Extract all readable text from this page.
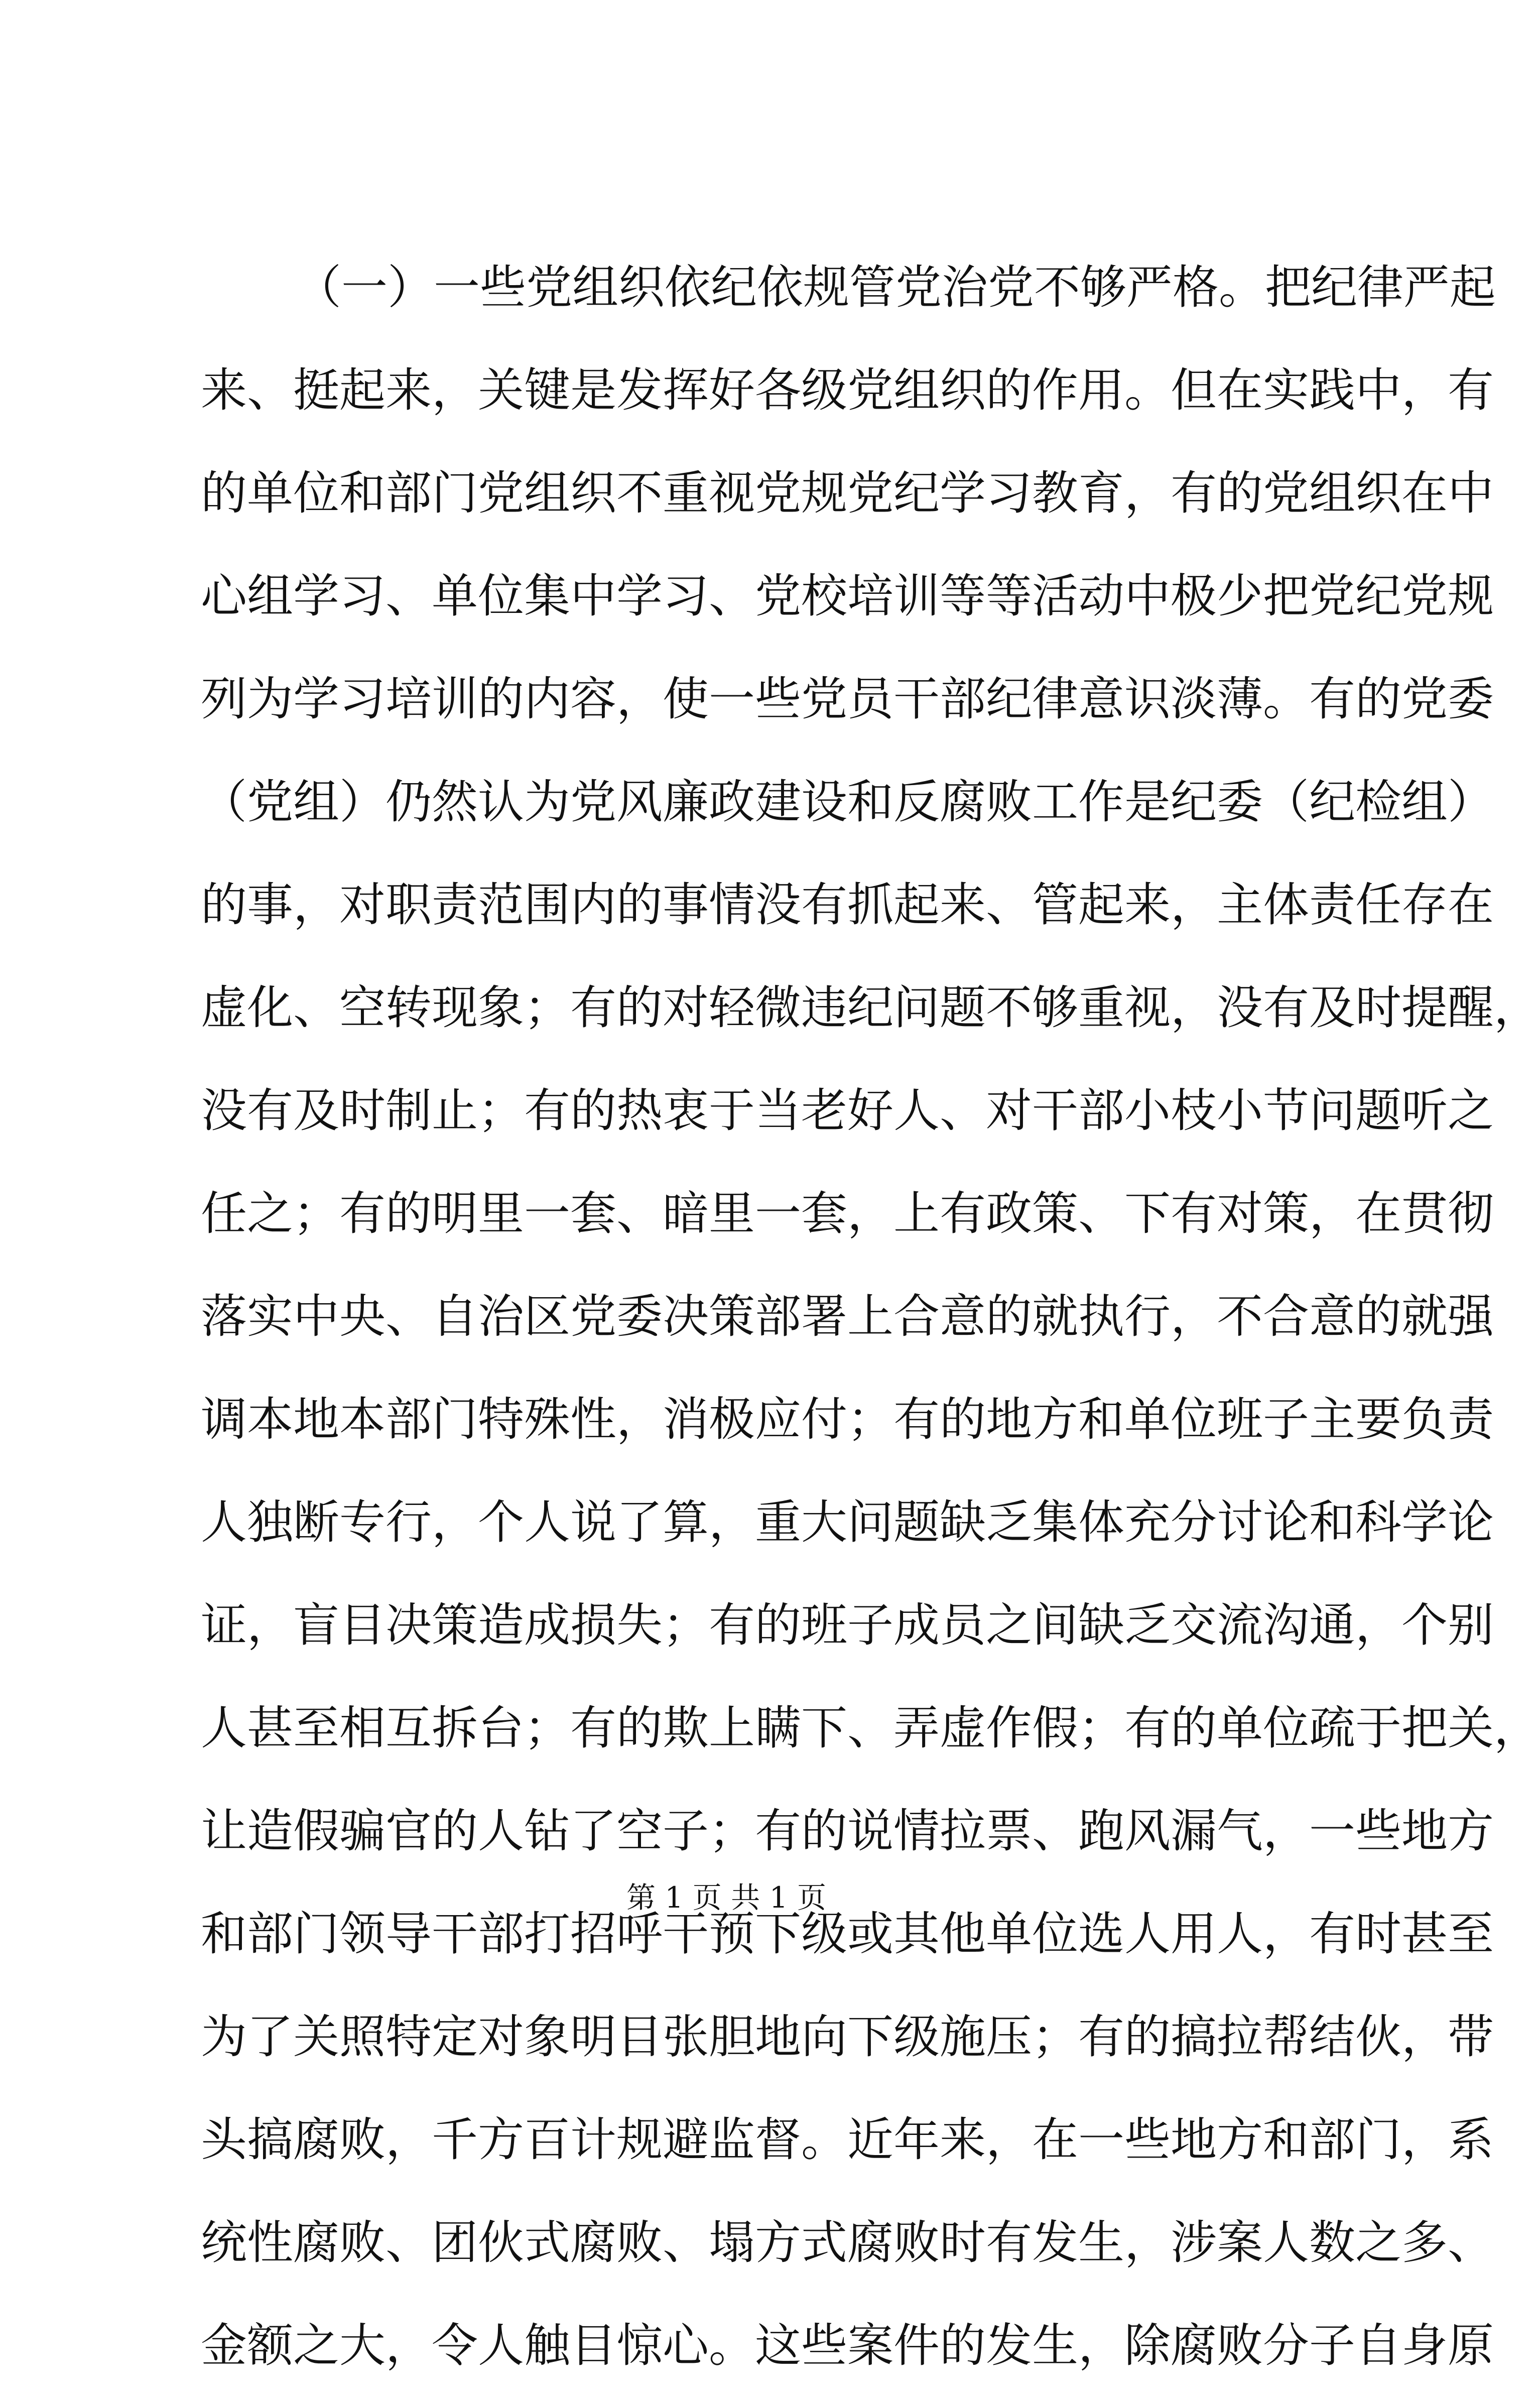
（一）一些党组织依纪依规管党治党不够严格。把纪律严起
来、挺起来，关键是发挥好各级党组织的作用。但在实践中，有
的单位和部门党组织不重视党规党纪学习教育，有的党组织在中
心组学习、单位集中学习、党校培训等等活动中极少把党纪党规
列为学习培训的内容，使一些党员干部纪律意识淡薄。有的党委
（党组）仍然认为党风廉政建设和反腐败工作是纪委（纪检组）
的事，对职责范围内的事情没有抓起来、管起来，主体责任存在
虚化、空转现象；有的对轻微违纪问题不够重视，没有及时提醒，
没有及时制止；有的热衷于当老好人、对干部小枝小节问题听之
任之；有的明里一套、暗里一套，上有政策、下有对策，在贯彻
落实中央、自治区党委决策部署上合意的就执行，不合意的就强
调本地本部门特殊性，消极应付；有的地方和单位班子主要负责
人独断专行，个人说了算，重大问题缺乏集体充分讨论和科学论
证，盲目决策造成损失；有的班子成员之间缺乏交流沟通，个别
人甚至相互拆台；有的欺上瞒下、弄虚作假；有的单位疏于把关，
让造假骗官的人钻了空子；有的说情拉票、跑风漏气，一些地方
和部门领导干部打招呼干预下级或其他单位选人用人，有时甚至
为了关照特定对象明目张胆地向下级施压；有的搞拉帮结伙，带
头搞腐败，千方百计规避监督。近年来，在一些地方和部门，系
统性腐败、团伙式腐败、塌方式腐败时有发生，涉案人数之多、
金额之大，令人触目惊心。这些案件的发生，除腐败分子自身原
第 1 页 共 1 页
